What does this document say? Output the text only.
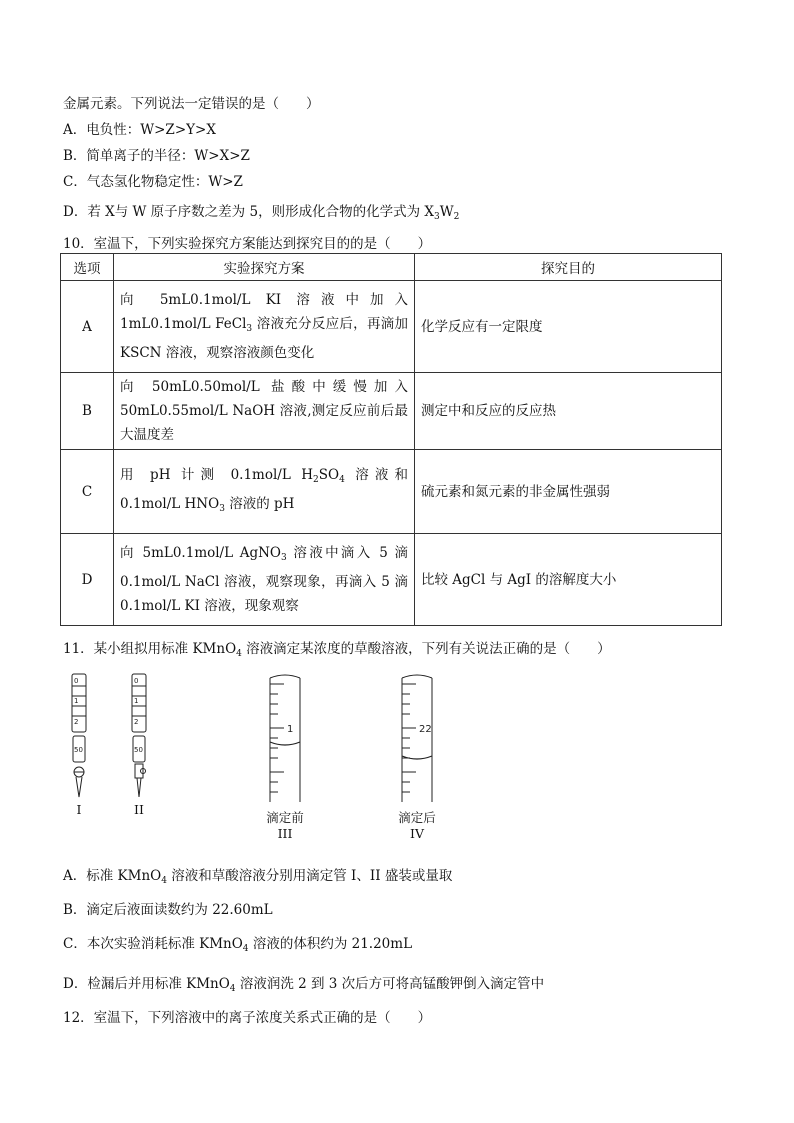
金属元素。下列说法一定错误的是（　　）
A．电负性：W>Z>Y>X
B．简单离子的半径：W>X>Z
C．气态氢化物稳定性：W>Z
D．若 X与 W 原子序数之差为 5，则形成化合物的化学式为 $X_3W_2$
10．室温下，下列实验探究方案能达到探究目的的是（　　）
选项	实验探究方案	探究目的
A	向 5mL0.1mol/L KI 溶液中加入 1mL0.1mol/L FeCl$_3$ 溶液充分反应后，再滴加 KSCN 溶液，观察溶液颜色变化	化学反应有一定限度
B	向 50mL0.50mol/L 盐酸中缓慢加入 50mL0.55mol/L NaOH 溶液,测定反应前后最大温度差	测定中和反应的反应热
C	用 pH 计测 0.1mol/L $H_2SO_4$ 溶液和 0.1mol/L $HNO_3$ 溶液的 pH	硫元素和氮元素的非金属性强弱
D	向 5mL0.1mol/L AgNO$_3$ 溶液中滴入 5 滴 0.1mol/L NaCl 溶液，观察现象，再滴入 5 滴 0.1mol/L KI 溶液，现象观察	比较 AgCl 与 AgI 的溶解度大小
11．某小组拟用标准 KMnO$_4$ 溶液滴定某浓度的草酸溶液，下列有关说法正确的是（　　）
0
1
2
50
0
1
2
50
1	22
I	II
滴定前
III
滴定后
IV
A．标准 KMnO$_4$ 溶液和草酸溶液分别用滴定管 I、II 盛装或量取
B．滴定后液面读数约为 22.60mL
C．本次实验消耗标准 KMnO$_4$ 溶液的体积约为 21.20mL
D．检漏后并用标准 KMnO$_4$ 溶液润洗 2 到 3 次后方可将高锰酸钾倒入滴定管中
12．室温下，下列溶液中的离子浓度关系式正确的是（　　）
